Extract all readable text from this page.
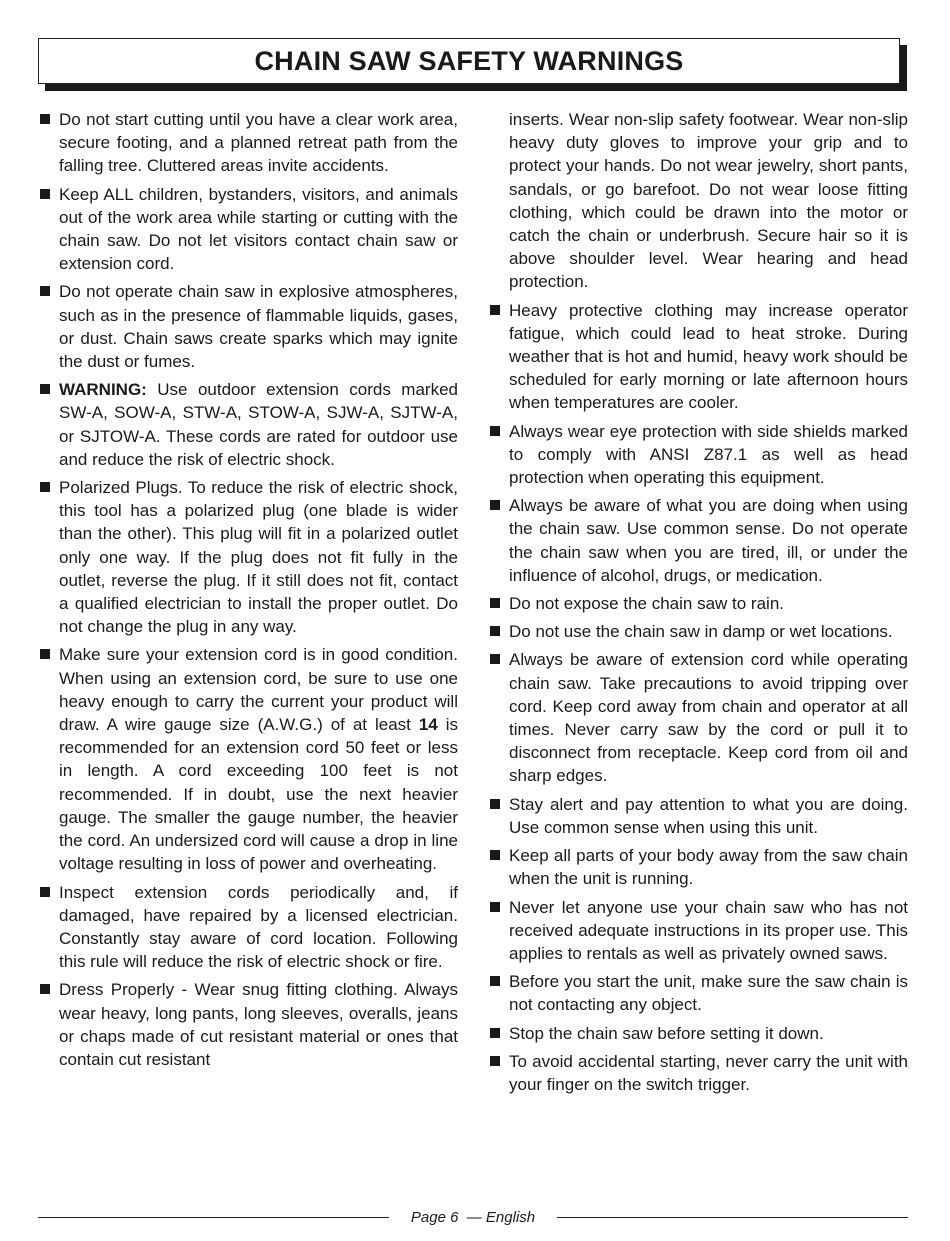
CHAIN SAW SAFETY WARNINGS
Do not start cutting until you have a clear work area, secure footing, and a planned retreat path from the falling tree. Cluttered areas invite accidents.
Keep ALL children, bystanders, visitors, and animals out of the work area while starting or cutting with the chain saw. Do not let visitors contact chain saw or extension cord.
Do not operate chain saw in explosive atmospheres, such as in the presence of flammable liquids, gases, or dust. Chain saws create sparks which may ignite the dust or fumes.
WARNING: Use outdoor extension cords marked SW-A, SOW-A, STW-A, STOW-A, SJW-A, SJTW-A, or SJTOW-A. These cords are rated for outdoor use and reduce the risk of electric shock.
Polarized Plugs. To reduce the risk of electric shock, this tool has a polarized plug (one blade is wider than the other). This plug will fit in a polarized outlet only one way. If the plug does not fit fully in the outlet, reverse the plug. If it still does not fit, contact a qualified electrician to install the proper outlet. Do not change the plug in any way.
Make sure your extension cord is in good condition. When using an extension cord, be sure to use one heavy enough to carry the current your product will draw. A wire gauge size (A.W.G.) of at least 14 is recommended for an extension cord 50 feet or less in length. A cord exceeding 100 feet is not recommended. If in doubt, use the next heavier gauge. The smaller the gauge number, the heavier the cord. An undersized cord will cause a drop in line voltage resulting in loss of power and overheating.
Inspect extension cords periodically and, if damaged, have repaired by a licensed electrician. Constantly stay aware of cord location. Following this rule will reduce the risk of electric shock or fire.
Dress Properly - Wear snug fitting clothing. Always wear heavy, long pants, long sleeves, overalls, jeans or chaps made of cut resistant material or ones that contain cut resistant
inserts. Wear non-slip safety footwear. Wear non-slip heavy duty gloves to improve your grip and to protect your hands. Do not wear jewelry, short pants, sandals, or go barefoot. Do not wear loose fitting clothing, which could be drawn into the motor or catch the chain or underbrush. Secure hair so it is above shoulder level. Wear hearing and head protection.
Heavy protective clothing may increase operator fatigue, which could lead to heat stroke. During weather that is hot and humid, heavy work should be scheduled for early morning or late afternoon hours when temperatures are cooler.
Always wear eye protection with side shields marked to comply with ANSI Z87.1 as well as head protection when operating this equipment.
Always be aware of what you are doing when using the chain saw. Use common sense. Do not operate the chain saw when you are tired, ill, or under the influence of alcohol, drugs, or medication.
Do not expose the chain saw to rain.
Do not use the chain saw in damp or wet locations.
Always be aware of extension cord while operating chain saw. Take precautions to avoid tripping over cord. Keep cord away from chain and operator at all times. Never carry saw by the cord or pull it to disconnect from receptacle. Keep cord from oil and sharp edges.
Stay alert and pay attention to what you are doing. Use common sense when using this unit.
Keep all parts of your body away from the saw chain when the unit is running.
Never let anyone use your chain saw who has not received adequate instructions in its proper use. This applies to rentals as well as privately owned saws.
Before you start the unit, make sure the saw chain is not contacting any object.
Stop the chain saw before setting it down.
To avoid accidental starting, never carry the unit with your finger on the switch trigger.
Page 6  — English
